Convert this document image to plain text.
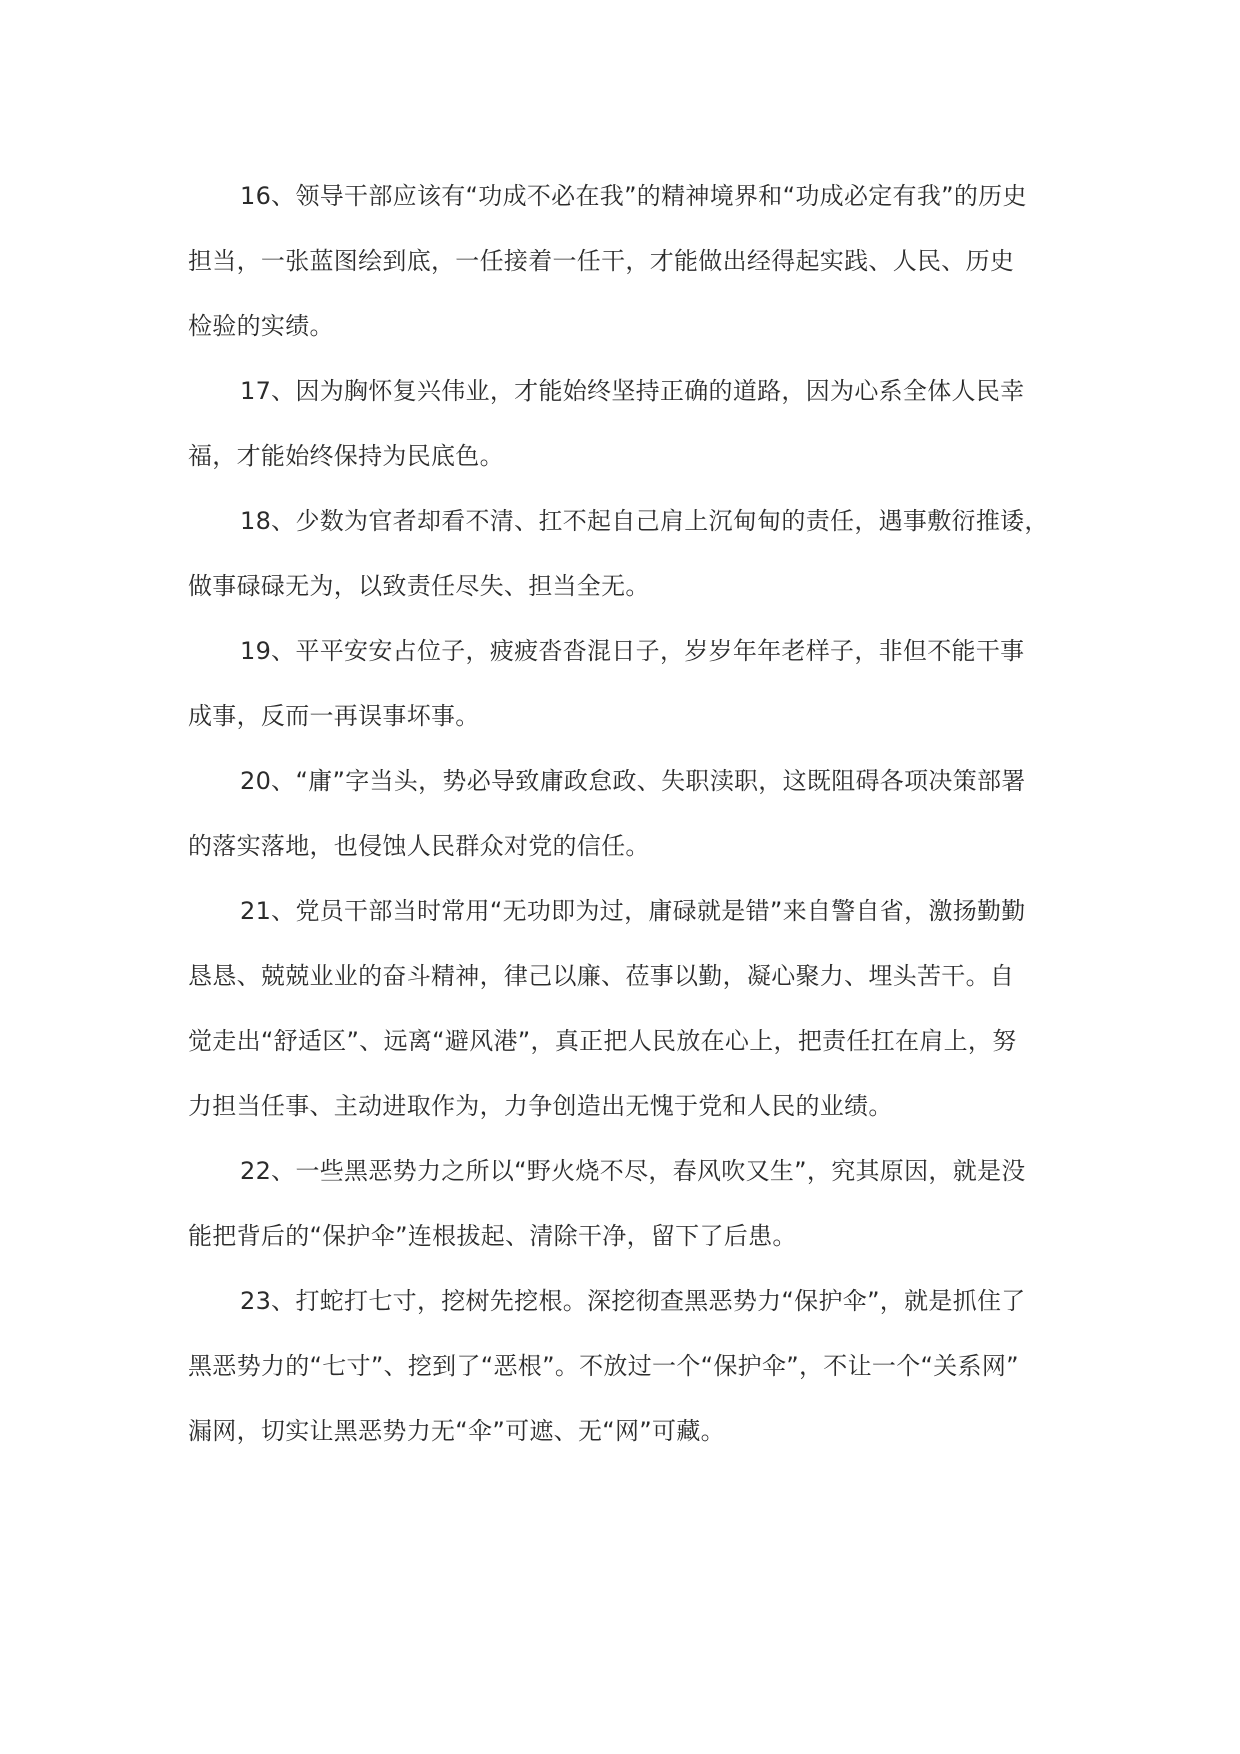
16、领导干部应该有“功成不必在我”的精神境界和“功成必定有我”的历史
担当，一张蓝图绘到底，一任接着一任干，才能做出经得起实践、人民、历史
检验的实绩。
17、因为胸怀复兴伟业，才能始终坚持正确的道路，因为心系全体人民幸
福，才能始终保持为民底色。
18、少数为官者却看不清、扛不起自己肩上沉甸甸的责任，遇事敷衍推诿，
做事碌碌无为，以致责任尽失、担当全无。
19、平平安安占位子，疲疲沓沓混日子，岁岁年年老样子，非但不能干事
成事，反而一再误事坏事。
20、“庸”字当头，势必导致庸政怠政、失职渎职，这既阻碍各项决策部署
的落实落地，也侵蚀人民群众对党的信任。
21、党员干部当时常用“无功即为过，庸碌就是错”来自警自省，激扬勤勤
恳恳、兢兢业业的奋斗精神，律己以廉、莅事以勤，凝心聚力、埋头苦干。自
觉走出“舒适区”、远离“避风港”，真正把人民放在心上，把责任扛在肩上，努
力担当任事、主动进取作为，力争创造出无愧于党和人民的业绩。
22、一些黑恶势力之所以“野火烧不尽，春风吹又生”，究其原因，就是没
能把背后的“保护伞”连根拔起、清除干净，留下了后患。
23、打蛇打七寸，挖树先挖根。深挖彻查黑恶势力“保护伞”，就是抓住了
黑恶势力的“七寸”、挖到了“恶根”。不放过一个“保护伞”，不让一个“关系网”
漏网，切实让黑恶势力无“伞”可遮、无“网”可藏。
